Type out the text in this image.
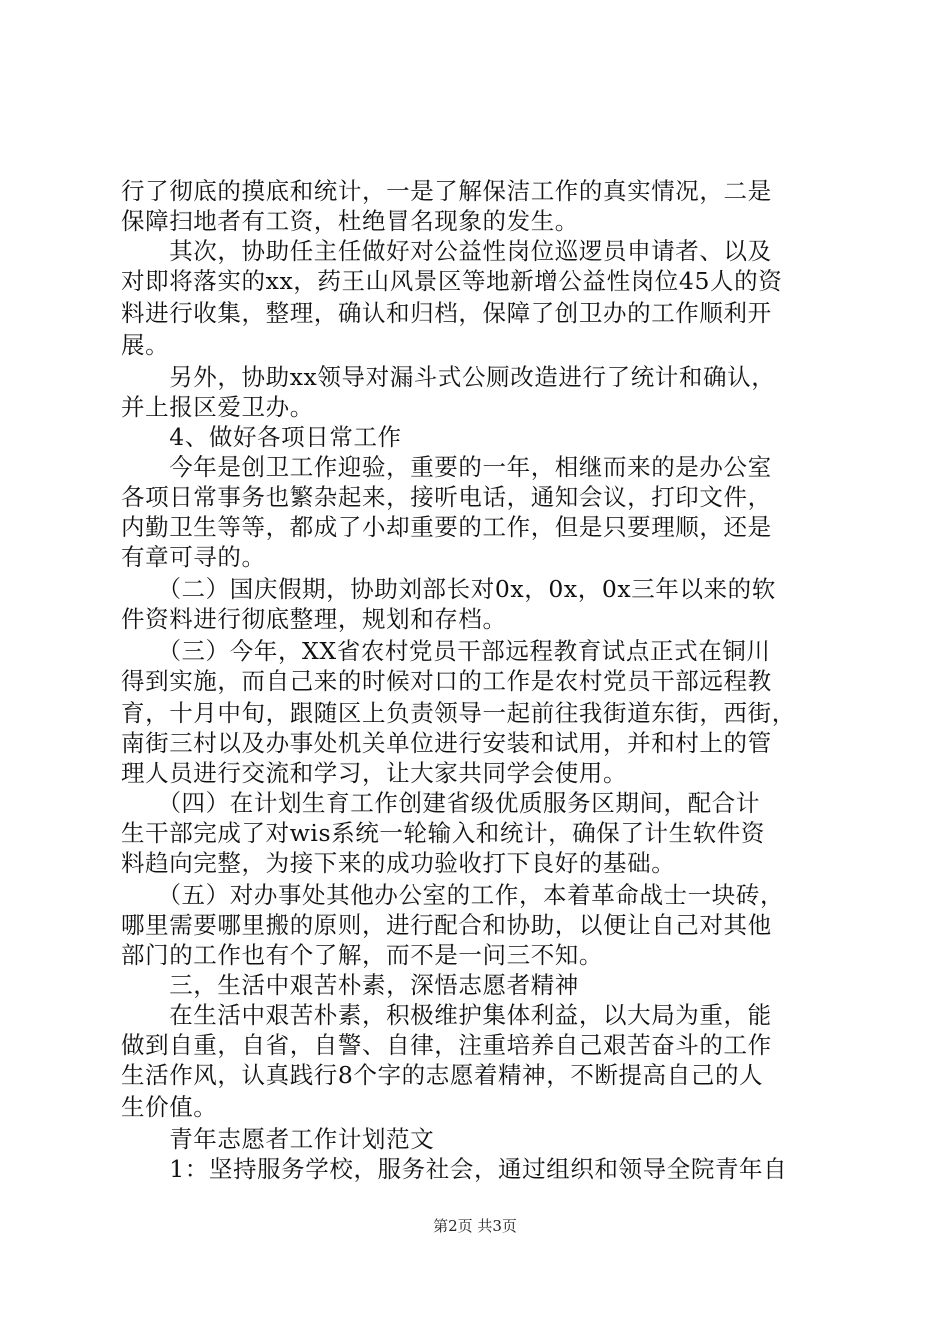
行了彻底的摸底和统计，一是了解保洁工作的真实情况，二是
保障扫地者有工资，杜绝冒名现象的发生。
　　其次，协助任主任做好对公益性岗位巡逻员申请者、以及
对即将落实的xx，药王山风景区等地新增公益性岗位45人的资
料进行收集，整理，确认和归档，保障了创卫办的工作顺利开
展。
　　另外，协助xx领导对漏斗式公厕改造进行了统计和确认，
并上报区爱卫办。
　　4、做好各项日常工作
　　今年是创卫工作迎验，重要的一年，相继而来的是办公室
各项日常事务也繁杂起来，接听电话，通知会议，打印文件，
内勤卫生等等，都成了小却重要的工作，但是只要理顺，还是
有章可寻的。
　　（二）国庆假期，协助刘部长对0x，0x，0x三年以来的软
件资料进行彻底整理，规划和存档。
　　（三）今年，XX省农村党员干部远程教育试点正式在铜川
得到实施，而自己来的时候对口的工作是农村党员干部远程教
育，十月中旬，跟随区上负责领导一起前往我街道东街，西街，
南街三村以及办事处机关单位进行安装和试用，并和村上的管
理人员进行交流和学习，让大家共同学会使用。
　　（四）在计划生育工作创建省级优质服务区期间，配合计
生干部完成了对wis系统一轮输入和统计，确保了计生软件资
料趋向完整，为接下来的成功验收打下良好的基础。
　　（五）对办事处其他办公室的工作，本着革命战士一块砖，
哪里需要哪里搬的原则，进行配合和协助，以便让自己对其他
部门的工作也有个了解，而不是一问三不知。
　　三，生活中艰苦朴素，深悟志愿者精神
　　在生活中艰苦朴素，积极维护集体利益，以大局为重，能
做到自重，自省，自警、自律，注重培养自己艰苦奋斗的工作
生活作风，认真践行8个字的志愿着精神，不断提高自己的人
生价值。
　　青年志愿者工作计划范文
　　1：坚持服务学校，服务社会，通过组织和领导全院青年自
第2页 共3页
